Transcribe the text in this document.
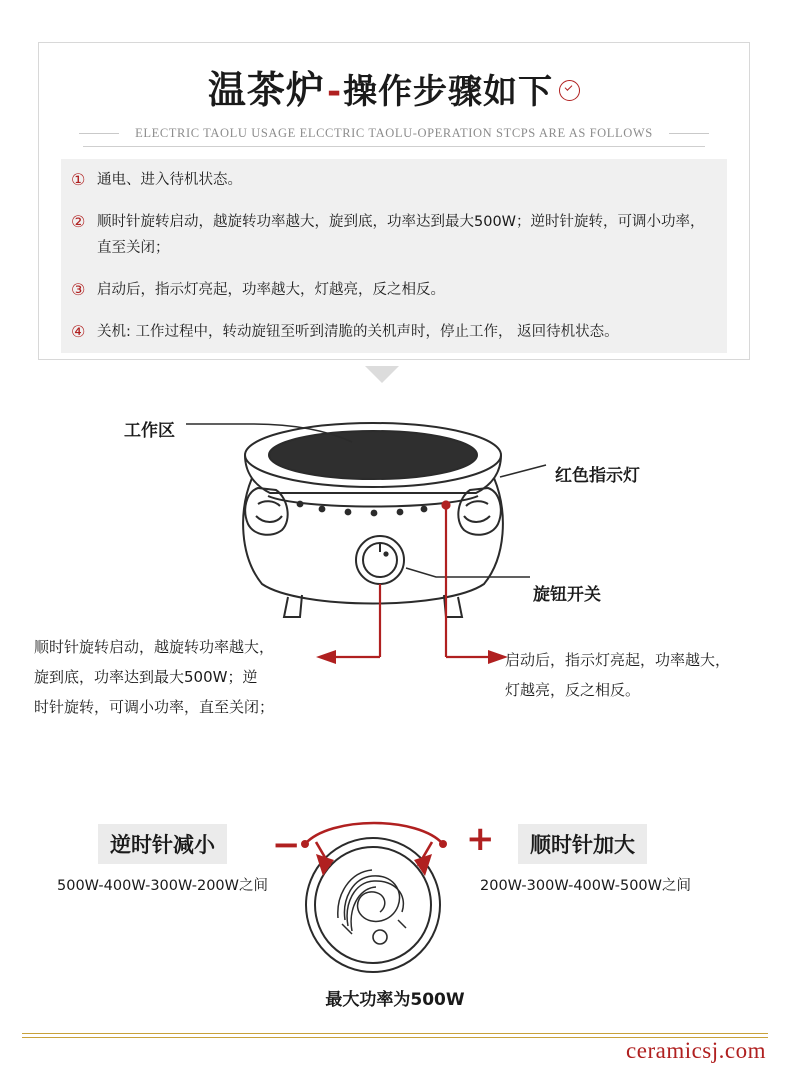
温茶炉-操作步骤如下
ELECTRIC TAOLU USAGE ELCCTRIC TAOLU-OPERATION STCPS ARE AS FOLLOWS
① 通电、进入待机状态。
② 顺时针旋转启动，越旋转功率越大，旋到底，功率达到最大500W；逆时针旋转，可调小功率，直至关闭；
③ 启动后，指示灯亮起，功率越大，灯越亮，反之相反。
④ 关机: 工作过程中，转动旋钮至听到清脆的关机声时，停止工作， 返回待机状态。
工作区
红色指示灯
旋钮开关
顺时针旋转启动，越旋转功率越大，
旋到底，功率达到最大500W；逆
时针旋转，可调小功率，直至关闭；
启动后，指示灯亮起，功率越大，
灯越亮，反之相反。
逆时针减小	顺时针加大
−	+
500W-400W-300W-200W之间	200W-300W-400W-500W之间
最大功率为500W
ceramicsj.com
